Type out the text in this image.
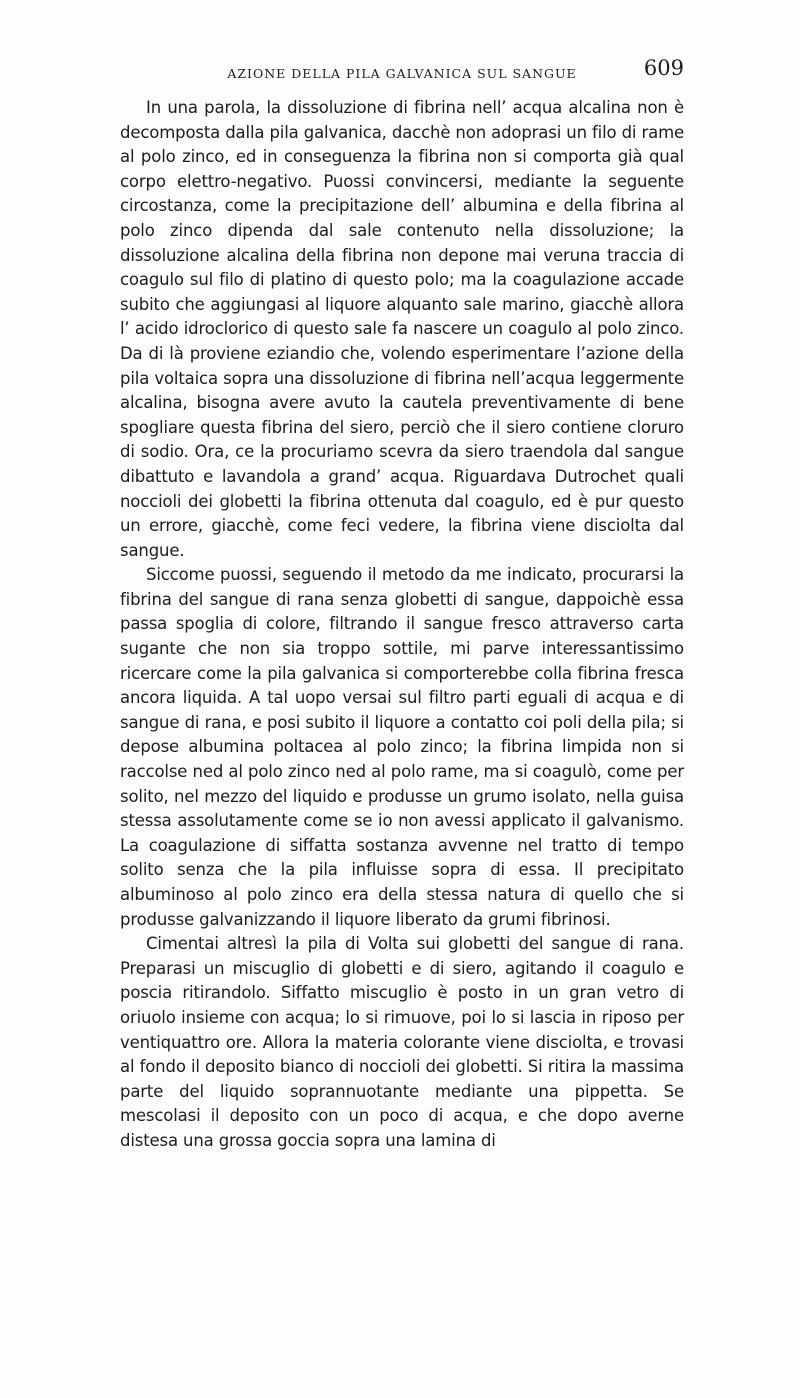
AZIONE DELLA PILA GALVANICA SUL SANGUE	609

In una parola, la dissoluzione di fibrina nell’ acqua alcalina non è decomposta dalla pila galvanica, dacchè non adoprasi un filo di rame al polo zinco, ed in conseguenza la fibrina non si comporta già qual corpo elettro-negativo. Puossi convincersi, mediante la seguente circostanza, come la precipitazione dell’ albumina e della fibrina al polo zinco dipenda dal sale contenuto nella dissoluzione; la dissoluzione alcalina della fibrina non depone mai veruna traccia di coagulo sul filo di platino di questo polo; ma la coagulazione accade subito che aggiungasi al liquore alquanto sale marino, giacchè allora l’ acido idroclorico di questo sale fa nascere un coagulo al polo zinco. Da di là proviene eziandio che, volendo esperimentare l’azione della pila voltaica sopra una dissoluzione di fibrina nell’acqua leggermente alcalina, bisogna avere avuto la cautela preventivamente di bene spogliare questa fibrina del siero, perciò che il siero contiene cloruro di sodio. Ora, ce la procuriamo scevra da siero traendola dal sangue dibattuto e lavandola a grand’ acqua. Riguardava Dutrochet quali noccioli dei globetti la fibrina ottenuta dal coagulo, ed è pur questo un errore, giacchè, come feci vedere, la fibrina viene disciolta dal sangue.

Siccome puossi, seguendo il metodo da me indicato, procurarsi la fibrina del sangue di rana senza globetti di sangue, dappoichè essa passa spoglia di colore, filtrando il sangue fresco attraverso carta sugante che non sia troppo sottile, mi parve interessantissimo ricercare come la pila galvanica si comporterebbe colla fibrina fresca ancora liquida. A tal uopo versai sul filtro parti eguali di acqua e di sangue di rana, e posi subito il liquore a contatto coi poli della pila; si depose albumina poltacea al polo zinco; la fibrina limpida non si raccolse ned al polo zinco ned al polo rame, ma si coagulò, come per solito, nel mezzo del liquido e produsse un grumo isolato, nella guisa stessa assolutamente come se io non avessi applicato il galvanismo. La coagulazione di siffatta sostanza avvenne nel tratto di tempo solito senza che la pila influisse sopra di essa. Il precipitato albuminoso al polo zinco era della stessa natura di quello che si produsse galvanizzando il liquore liberato da grumi fibrinosi.

Cimentai altresì la pila di Volta sui globetti del sangue di rana. Preparasi un miscuglio di globetti e di siero, agitando il coagulo e poscia ritirandolo. Siffatto miscuglio è posto in un gran vetro di oriuolo insieme con acqua; lo si rimuove, poi lo si lascia in riposo per ventiquattro ore. Allora la materia colorante viene disciolta, e trovasi al fondo il deposito bianco di noccioli dei globetti. Si ritira la massima parte del liquido soprannuotante mediante una pippetta. Se mescolasi il deposito con un poco di acqua, e che dopo averne distesa una grossa goccia sopra una lamina di
